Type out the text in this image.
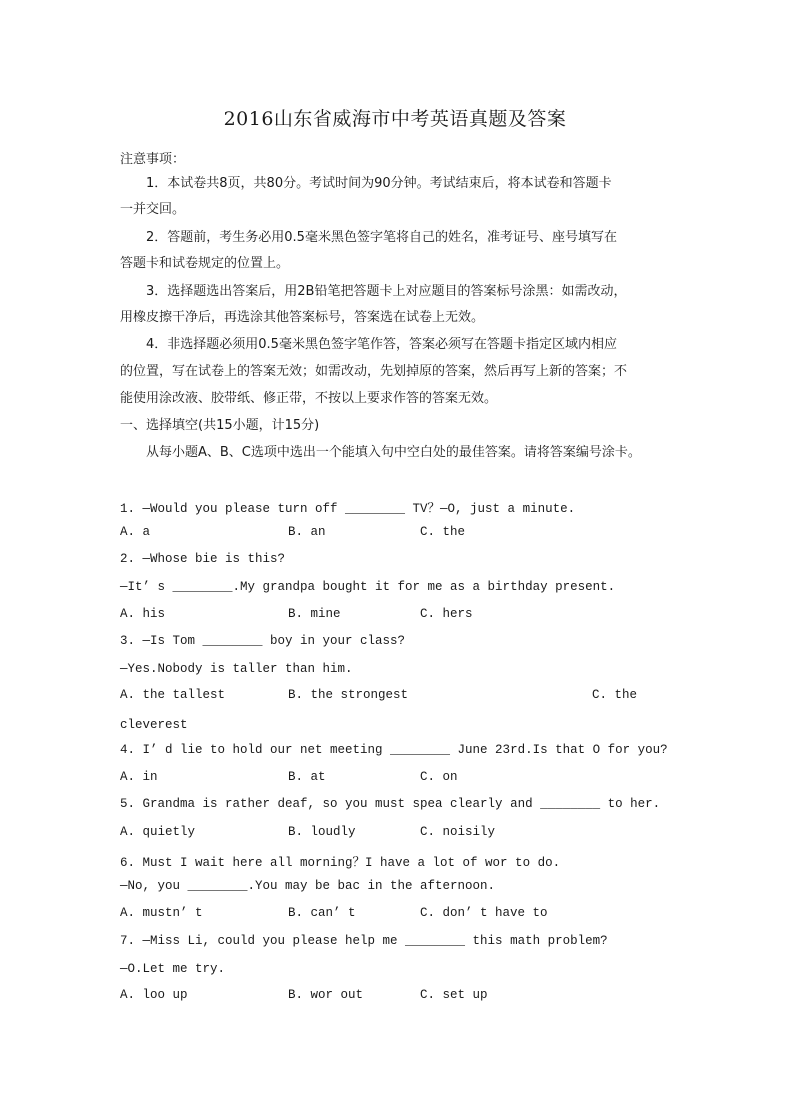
2016山东省威海市中考英语真题及答案
注意事项：
1．本试卷共8页，共80分。考试时间为90分钟。考试结束后，将本试卷和答题卡
一并交回。
2．答题前，考生务必用0.5毫米黑色签字笔将自己的姓名，准考证号、座号填写在
答题卡和试卷规定的位置上。
3．选择题选出答案后，用2B铅笔把答题卡上对应题目的答案标号涂黑：如需改动，
用橡皮擦干净后，再选涂其他答案标号，答案选在试卷上无效。
4．非选择题必须用0.5毫米黑色签字笔作答，答案必须写在答题卡指定区域内相应
的位置，写在试卷上的答案无效；如需改动，先划掉原的答案，然后再写上新的答案；不
能使用涂改液、胶带纸、修正带，不按以上要求作答的答案无效。
一、选择填空(共15小题，计15分)
从每小题A、B、C选项中选出一个能填入句中空白处的最佳答案。请将答案编号涂卡。
1. —Would you please turn off ________ TV？—O, just a minute.
A. a	B. an	C. the
2. —Whose bie is this?
—It’ s ________.My grandpa bought it for me as a birthday present.
A. his	B. mine	C. hers
3. —Is Tom ________ boy in your class?
—Yes.Nobody is taller than him.
A. the tallest	B. the strongest	C. the
cleverest
4. I’ d lie to hold our net meeting ________ June 23rd.Is that O for you?
A. in	B. at	C. on
5. Grandma is rather deaf, so you must spea clearly and ________ to her.
A. quietly	B. loudly	C. noisily
6. Must I wait here all morning？I have a lot of wor to do.
—No, you ________.You may be bac in the afternoon.
A. mustn’ t	B. can’ t	C. don’ t have to
7. —Miss Li, could you please help me ________ this math problem?
—O.Let me try.
A. loo up	B. wor out	C. set up
